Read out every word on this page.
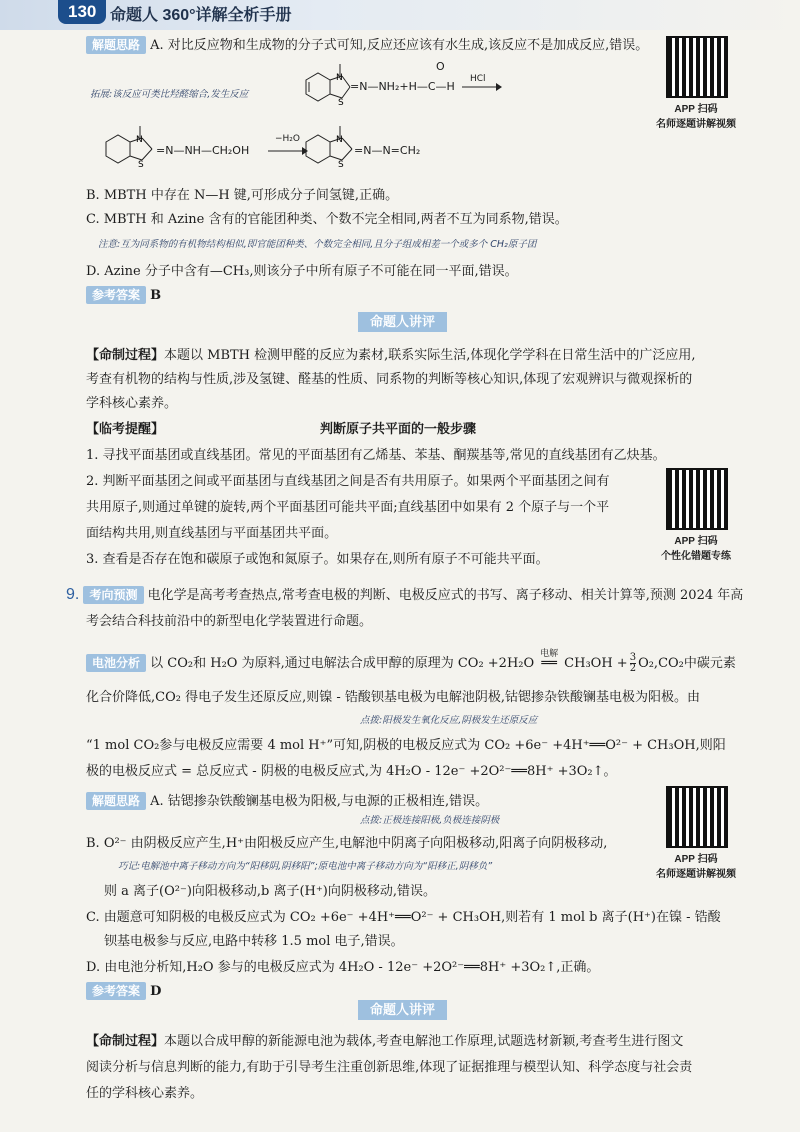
130 命题人 360°详解全析手册
解题思路 A. 对比反应物和生成物的分子式可知,反应还应该有水生成,该反应不是加成反应,错误。
拓展:该反应可类比羟醛缩合,发生反应
N
S
=N—NH₂+H—C—H
O
HCl
N
S
=N—NH—CH₂OH
−H₂O	N
S
=N—N=CH₂
APP 扫码
名师逐题讲解视频
B. MBTH 中存在 N—H 键,可形成分子间氢键,正确。
C. MBTH 和 Azine 含有的官能团种类、个数不完全相同,两者不互为同系物,错误。
注意:互为同系物的有机物结构相似,即官能团种类、个数完全相同,且分子组成相差一个或多个 CH₂原子团
D. Azine 分子中含有—CH₃,则该分子中所有原子不可能在同一平面,错误。
参考答案 B
命题人讲评
【命制过程】本题以 MBTH 检测甲醛的反应为素材,联系实际生活,体现化学学科在日常生活中的广泛应用,
考查有机物的结构与性质,涉及氢键、醛基的性质、同系物的判断等核心知识,体现了宏观辨识与微观探析的
学科核心素养。
【临考提醒】	判断原子共平面的一般步骤
1. 寻找平面基团或直线基团。常见的平面基团有乙烯基、苯基、酮羰基等,常见的直线基团有乙炔基。
2. 判断平面基团之间或平面基团与直线基团之间是否有共用原子。如果两个平面基团之间有
共用原子,则通过单键的旋转,两个平面基团可能共平面;直线基团中如果有 2 个原子与一个平
面结构共用,则直线基团与平面基团共平面。
3. 查看是否存在饱和碳原子或饱和氮原子。如果存在,则所有原子不可能共平面。
APP 扫码
个性化错题专练
9. 考向预测 电化学是高考考查热点,常考查电极的判断、电极反应式的书写、离子移动、相关计算等,预测 2024 年高
考会结合科技前沿中的新型电化学装置进行命题。
电池分析 以 CO₂和 H₂O 为原料,通过电解法合成甲醇的原理为 CO₂ +2H₂O
电解
══ $CH_3OH + \frac{3}{2} O_2,CO_2$中碳元素
化合价降低,CO₂ 得电子发生还原反应,则镍 - 锆酸钡基电极为电解池阴极,钴锶掺杂铁酸镧基电极为阳极。由
点拨:阳极发生氧化反应,阴极发生还原反应
“1 mol CO₂参与电极反应需要 4 mol H⁺”可知,阴极的电极反应式为 CO₂ +6e⁻ +4H⁺══O²⁻ + CH₃OH,则阳
极的电极反应式 = 总反应式 - 阴极的电极反应式,为 4H₂O - 12e⁻ +2O²⁻══8H⁺ +3O₂↑。
解题思路 A. 钴锶掺杂铁酸镧基电极为阳极,与电源的正极相连,错误。
点拨:正极连接阳极,负极连接阴极
B. O²⁻ 由阴极反应产生,H⁺由阳极反应产生,电解池中阴离子向阳极移动,阳离子向阴极移动,
巧记:电解池中离子移动方向为“阳移阴,阴移阳”;原电池中离子移动方向为“阳移正,阴移负”
则 a 离子(O²⁻)向阳极移动,b 离子(H⁺)向阴极移动,错误。
C. 由题意可知阴极的电极反应式为 CO₂ +6e⁻ +4H⁺══O²⁻ + CH₃OH,则若有 1 mol b 离子(H⁺)在镍 - 锆酸
钡基电极参与反应,电路中转移 1.5 mol 电子,错误。
D. 由电池分析知,H₂O 参与的电极反应式为 4H₂O - 12e⁻ +2O²⁻══8H⁺ +3O₂↑,正确。
参考答案 D
APP 扫码
名师逐题讲解视频
命题人讲评
【命制过程】本题以合成甲醇的新能源电池为载体,考查电解池工作原理,试题选材新颖,考查考生进行图文
阅读分析与信息判断的能力,有助于引导考生注重创新思维,体现了证据推理与模型认知、科学态度与社会责
任的学科核心素养。
